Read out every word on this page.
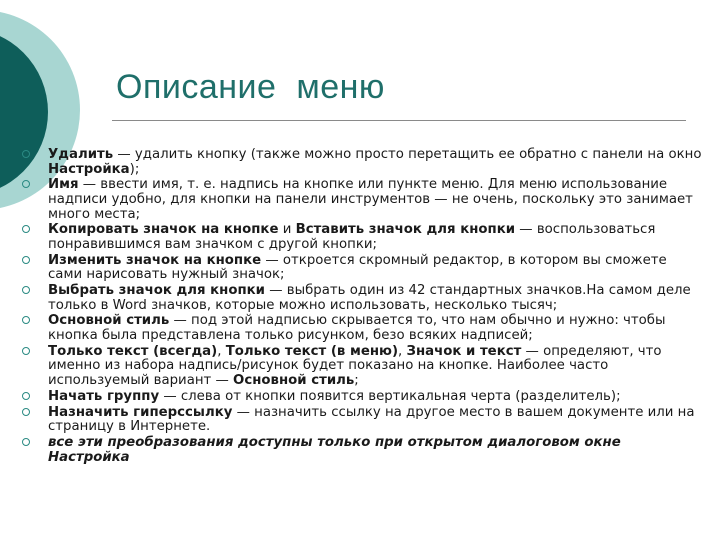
Описание  меню
Удалить — удалить кнопку (также можно просто перетащить ее обратно с панели на окно Настройка);
Имя — ввести имя, т. е. надпись на кнопке или пункте меню. Для меню использование надписи удобно, для кнопки на панели инструментов — не очень, поскольку это занимает много места;
Копировать значок на кнопке и Вставить значок для кнопки — воспользоваться понравившимся вам значком с другой кнопки;
Изменить значок на кнопке — откроется скромный редактор, в котором вы сможете сами нарисовать нужный значок;
Выбрать значок для кнопки — выбрать один из 42 стандартных значков.На самом деле только в Word значков, которые можно использовать, несколько тысяч;
Основной стиль — под этой надписью скрывается то, что нам обычно и нужно: чтобы кнопка была представлена только рисунком, безо всяких надписей;
Только текст (всегда), Только текст (в меню), Значок и текст — определяют, что именно из набора надпись/рисунок будет показано на кнопке. Наиболее часто используемый вариант — Основной стиль;
Начать группу — слева от кнопки появится вертикальная черта (разделитель);
Назначить гиперссылку — назначить ссылку на другое место в вашем документе или на страницу в Интернете.
все эти преобразования доступны только при открытом диалоговом окне Настройка
